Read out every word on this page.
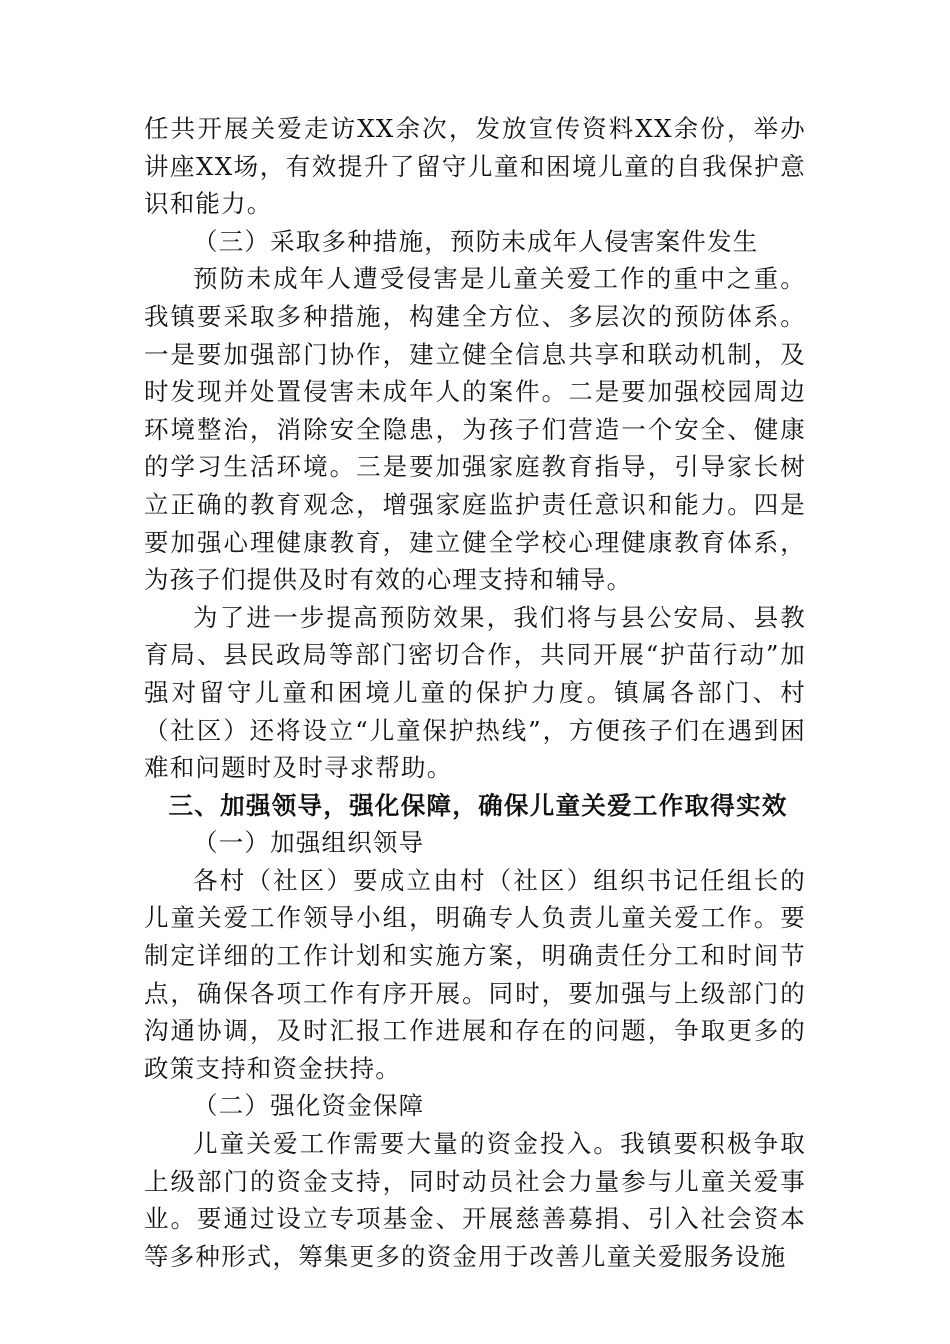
任共开展关爱走访XX余次，发放宣传资料XX余份，举办讲座XX场，有效提升了留守儿童和困境儿童的自我保护意识和能力。

（三）采取多种措施，预防未成年人侵害案件发生

预防未成年人遭受侵害是儿童关爱工作的重中之重。我镇要采取多种措施，构建全方位、多层次的预防体系。一是要加强部门协作，建立健全信息共享和联动机制，及时发现并处置侵害未成年人的案件。二是要加强校园周边环境整治，消除安全隐患，为孩子们营造一个安全、健康的学习生活环境。三是要加强家庭教育指导，引导家长树立正确的教育观念，增强家庭监护责任意识和能力。四是要加强心理健康教育，建立健全学校心理健康教育体系，为孩子们提供及时有效的心理支持和辅导。

为了进一步提高预防效果，我们将与县公安局、县教育局、县民政局等部门密切合作，共同开展“护苗行动”加强对留守儿童和困境儿童的保护力度。镇属各部门、村（社区）还将设立“儿童保护热线”，方便孩子们在遇到困难和问题时及时寻求帮助。

三、加强领导，强化保障，确保儿童关爱工作取得实效

（一）加强组织领导

各村（社区）要成立由村（社区）组织书记任组长的儿童关爱工作领导小组，明确专人负责儿童关爱工作。要制定详细的工作计划和实施方案，明确责任分工和时间节点，确保各项工作有序开展。同时，要加强与上级部门的沟通协调，及时汇报工作进展和存在的问题，争取更多的政策支持和资金扶持。

（二）强化资金保障

儿童关爱工作需要大量的资金投入。我镇要积极争取上级部门的资金支持，同时动员社会力量参与儿童关爱事业。要通过设立专项基金、开展慈善募捐、引入社会资本等多种形式，筹集更多的资金用于改善儿童关爱服务设施
